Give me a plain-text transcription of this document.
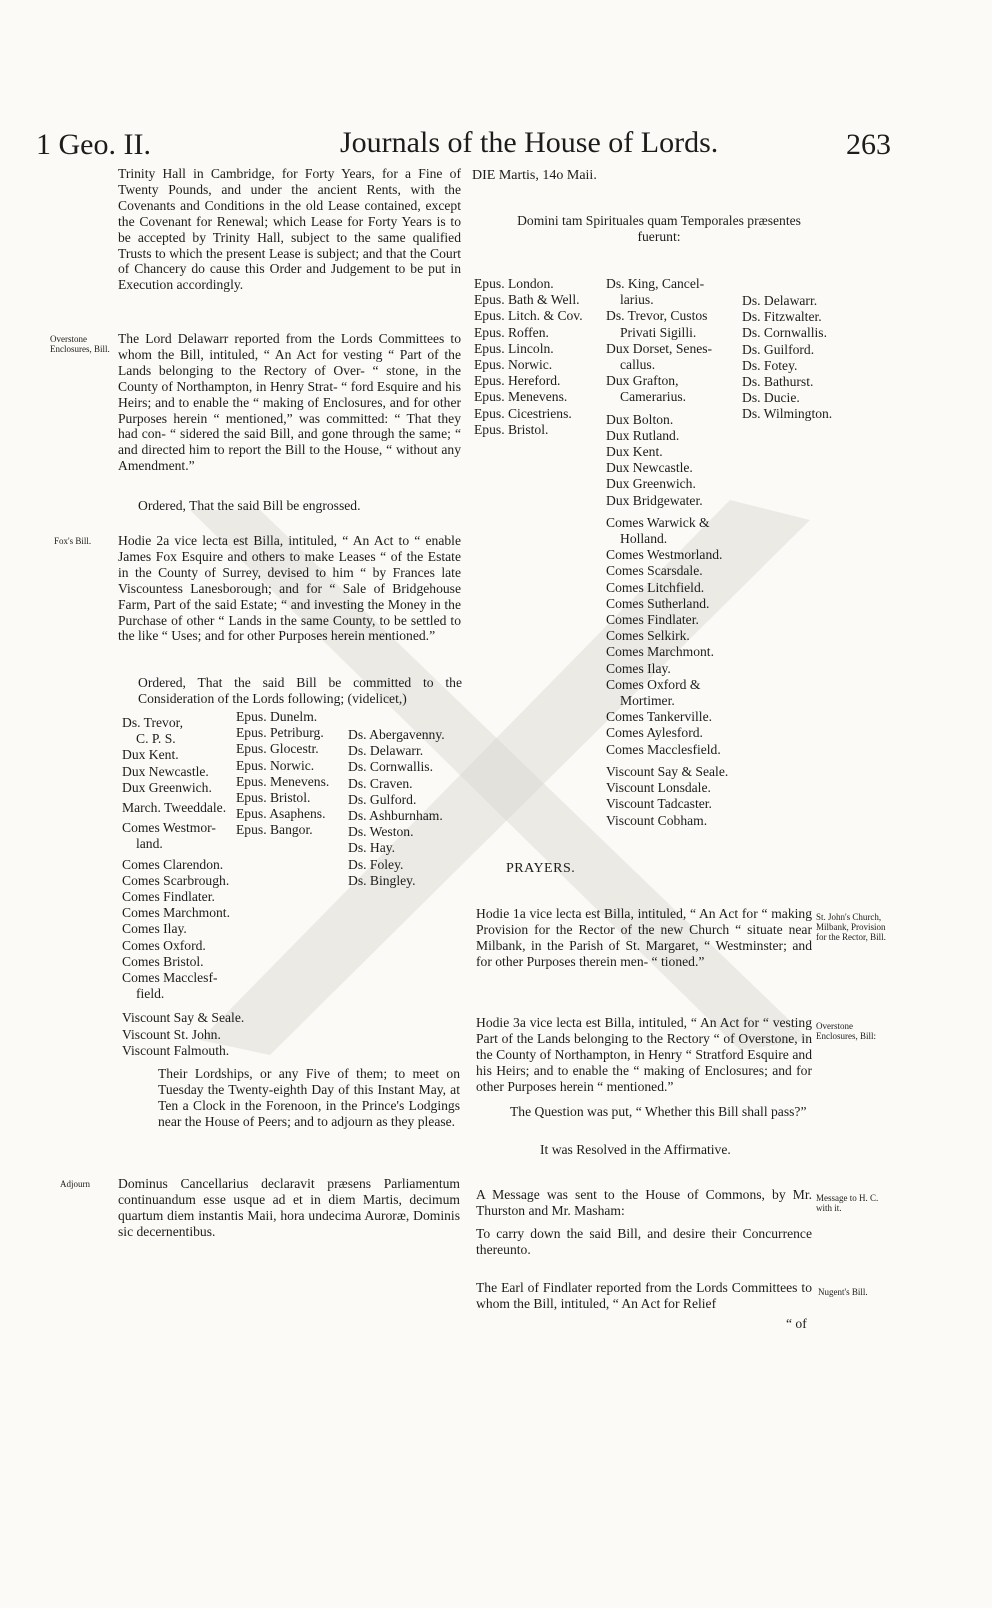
1 Geo. II.	Journals of the House of Lords.	263
Trinity Hall in Cambridge, for Forty Years, for a Fine of Twenty Pounds, and under the ancient Rents, with the Covenants and Conditions in the old Lease contained, except the Covenant for Renewal; which Lease for Forty Years is to be accepted by Trinity Hall, subject to the same qualified Trusts to which the present Lease is subject; and that the Court of Chancery do cause this Order and Judgement to be put in Execution accordingly.
Overstone Enclosures, Bill.
The Lord Delawarr reported from the Lords Committees to whom the Bill, intituled, “ An Act for vesting “ Part of the Lands belonging to the Rectory of Over- “ stone, in the County of Northampton, in Henry Strat- “ ford Esquire and his Heirs; and to enable the “ making of Enclosures, and for other Purposes herein “ mentioned,” was committed: “ That they had con- “ sidered the said Bill, and gone through the same; “ and directed him to report the Bill to the House, “ without any Amendment.”
Ordered, That the said Bill be engrossed.
Fox's Bill.	Hodie 2a vice lecta est Billa, intituled, “ An Act to “ enable James Fox Esquire and others to make Leases “ of the Estate in the County of Surrey, devised to him “ by Frances late Viscountess Lanesborough; and for “ Sale of Bridgehouse Farm, Part of the said Estate; “ and investing the Money in the Purchase of other “ Lands in the same County, to be settled to the like “ Uses; and for other Purposes herein mentioned.”
Ordered, That the said Bill be committed to the Consideration of the Lords following; (videlicet,)
Ds. Trevor,
C. P. S.
Dux Kent.
Dux Newcastle.
Dux Greenwich.
March. Tweeddale.
Comes Westmor-
land.
Comes Clarendon.
Comes Scarbrough.
Comes Findlater.
Comes Marchmont.
Comes Ilay.
Comes Oxford.
Comes Bristol.
Comes Macclesf-
field.
Viscount Say & Seale.
Viscount St. John.
Viscount Falmouth.
Epus. Dunelm.
Epus. Petriburg.
Epus. Glocestr.
Epus. Norwic.
Epus. Menevens.
Epus. Bristol.
Epus. Asaphens.
Epus. Bangor.
Ds. Abergavenny.
Ds. Delawarr.
Ds. Cornwallis.
Ds. Craven.
Ds. Gulford.
Ds. Ashburnham.
Ds. Weston.
Ds. Hay.
Ds. Foley.
Ds. Bingley.
Their Lordships, or any Five of them; to meet on Tuesday the Twenty-eighth Day of this Instant May, at Ten a Clock in the Forenoon, in the Prince's Lodgings near the House of Peers; and to adjourn as they please.
Adjourn	Dominus Cancellarius declaravit præsens Parliamentum continuandum esse usque ad et in diem Martis, decimum quartum diem instantis Maii, hora undecima Auroræ, Dominis sic decernentibus.
DIE Martis, 14o Maii.
Domini tam Spirituales quam Temporales præsentes fuerunt:
Epus. London.
Epus. Bath & Well.
Epus. Litch. & Cov.
Epus. Roffen.
Epus. Lincoln.
Epus. Norwic.
Epus. Hereford.
Epus. Menevens.
Epus. Cicestriens.
Epus. Bristol.
Ds. King, Cancel-
larius.
Ds. Trevor, Custos
Privati Sigilli.
Dux Dorset, Senes-
callus.
Dux Grafton,
Camerarius.
Dux Bolton.
Dux Rutland.
Dux Kent.
Dux Newcastle.
Dux Greenwich.
Dux Bridgewater.
Comes Warwick &
Holland.
Comes Westmorland.
Comes Scarsdale.
Comes Litchfield.
Comes Sutherland.
Comes Findlater.
Comes Selkirk.
Comes Marchmont.
Comes Ilay.
Comes Oxford &
Mortimer.
Comes Tankerville.
Comes Aylesford.
Comes Macclesfield.
Viscount Say & Seale.
Viscount Lonsdale.
Viscount Tadcaster.
Viscount Cobham.
Ds. Delawarr.
Ds. Fitzwalter.
Ds. Cornwallis.
Ds. Guilford.
Ds. Fotey.
Ds. Bathurst.
Ds. Ducie.
Ds. Wilmington.
PRAYERS.
Hodie 1a vice lecta est Billa, intituled, “ An Act for “ making Provision for the Rector of the new Church “ situate near Milbank, in the Parish of St. Margaret, “ Westminster; and for other Purposes therein men- “ tioned.”
St. John's Church, Milbank, Provision for the Rector, Bill.
Hodie 3a vice lecta est Billa, intituled, “ An Act for “ vesting Part of the Lands belonging to the Rectory “ of Overstone, in the County of Northampton, in Henry “ Stratford Esquire and his Heirs; and to enable the “ making of Enclosures; and for other Purposes herein “ mentioned.”
Overstone Enclosures, Bill:
The Question was put, “ Whether this Bill shall pass?”
It was Resolved in the Affirmative.
A Message was sent to the House of Commons, by Mr. Thurston and Mr. Masham:
Message to H. C. with it.
To carry down the said Bill, and desire their Concurrence thereunto.
The Earl of Findlater reported from the Lords Committees to whom the Bill, intituled, “ An Act for Relief
Nugent's Bill.
“ of
